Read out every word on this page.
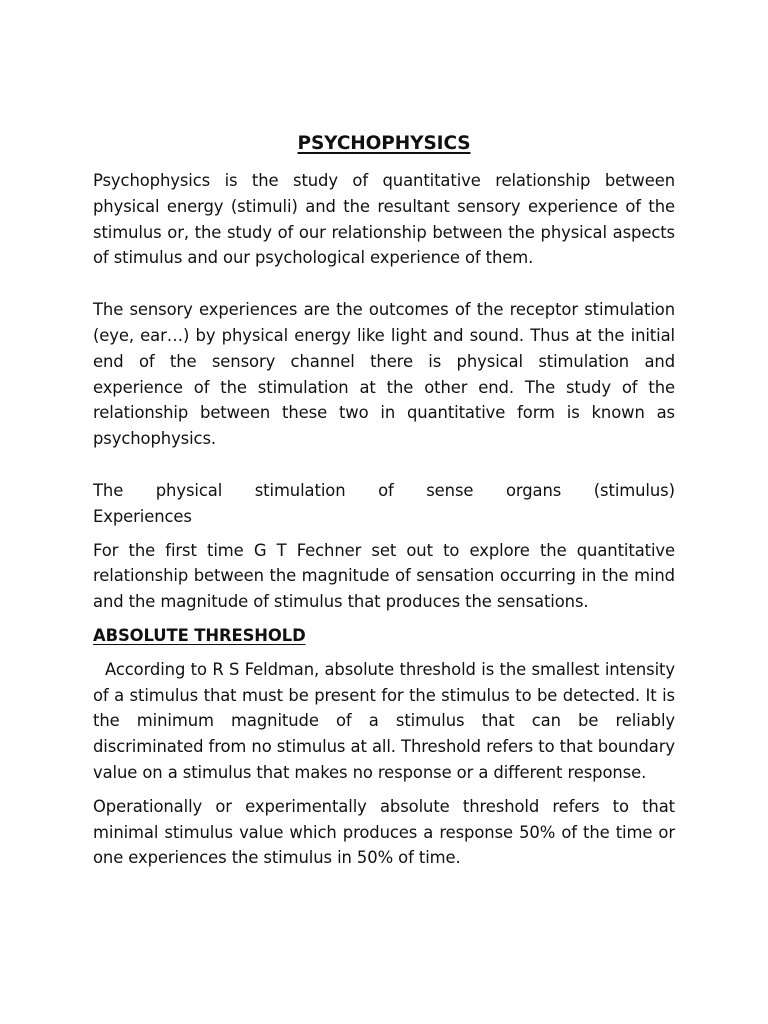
PSYCHOPHYSICS

Psychophysics is the study of quantitative relationship between physical energy (stimuli) and the resultant sensory experience of the stimulus or, the study of our relationship between the physical aspects of stimulus and our psychological experience of them.

The sensory experiences are the outcomes of the receptor stimulation (eye, ear…) by physical energy like light and sound. Thus at the initial end of the sensory channel there is physical stimulation and experience of the stimulation at the other end. The study of the relationship between these two in quantitative form is known as psychophysics.

The physical stimulation of sense organs (stimulus)
Experiences

For the first time G T Fechner set out to explore the quantitative relationship between the magnitude of sensation occurring in the mind and the magnitude of stimulus that produces the sensations.

ABSOLUTE THRESHOLD

According to R S Feldman, absolute threshold is the smallest intensity of a stimulus that must be present for the stimulus to be detected. It is the minimum magnitude of a stimulus that can be reliably discriminated from no stimulus at all. Threshold refers to that boundary value on a stimulus that makes no response or a different response.

Operationally or experimentally absolute threshold refers to that minimal stimulus value which produces a response 50% of the time or one experiences the stimulus in 50% of time.
